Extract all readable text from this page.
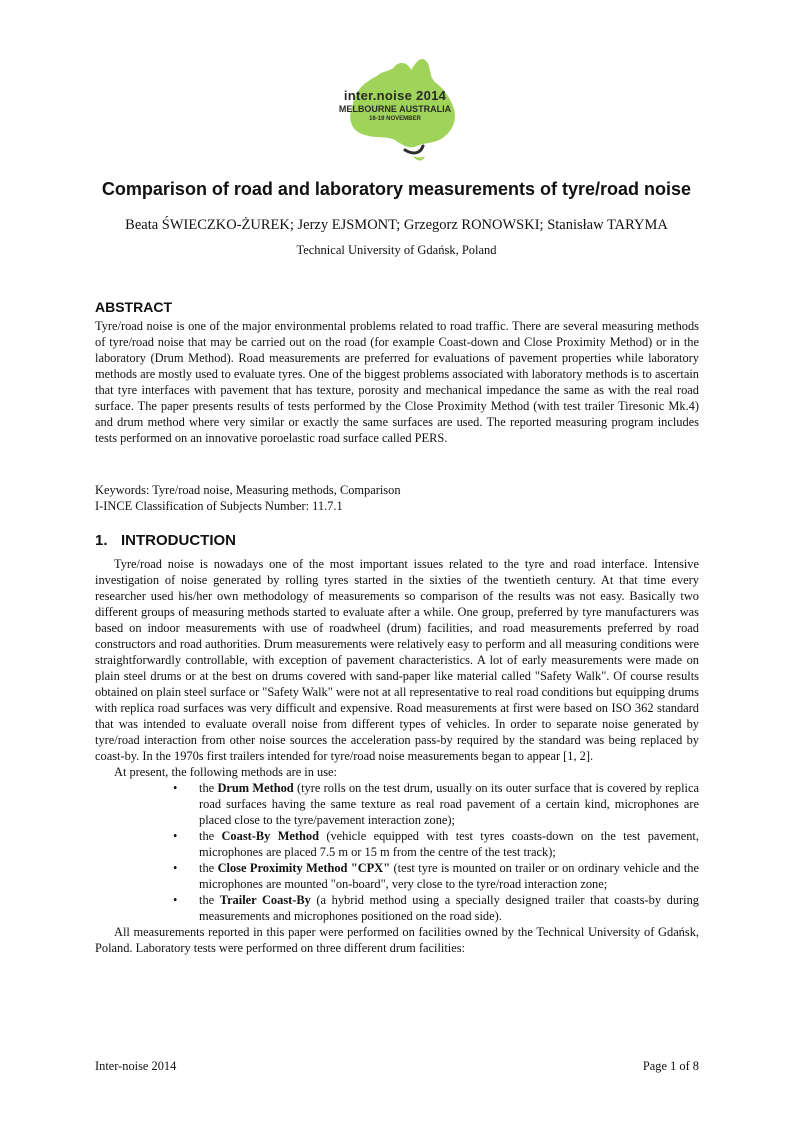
inter.noise 2014
MELBOURNE AUSTRALIA
16-19 NOVEMBER
Comparison of road and laboratory measurements of tyre/road noise
Beata ŚWIECZKO-ŻUREK; Jerzy EJSMONT; Grzegorz RONOWSKI; Stanisław TARYMA
Technical University of Gdańsk, Poland
ABSTRACT

Tyre/road noise is one of the major environmental problems related to road traffic. There are several measuring methods of tyre/road noise that may be carried out on the road (for example Coast-down and Close Proximity Method) or in the laboratory (Drum Method). Road measurements are preferred for evaluations of pavement properties while laboratory methods are mostly used to evaluate tyres. One of the biggest problems associated with laboratory methods is to ascertain that tyre interfaces with pavement that has texture, porosity and mechanical impedance the same as with the real road surface. The paper presents results of tests performed by the Close Proximity Method (with test trailer Tiresonic Mk.4) and drum method where very similar or exactly the same surfaces are used. The reported measuring program includes tests performed on an innovative poroelastic road surface called PERS.

Keywords: Tyre/road noise, Measuring methods, Comparison
I-INCE Classification of Subjects Number: 11.7.1
1. INTRODUCTION

Tyre/road noise is nowadays one of the most important issues related to the tyre and road interface. Intensive investigation of noise generated by rolling tyres started in the sixties of the twentieth century. At that time every researcher used his/her own methodology of measurements so comparison of the results was not easy. Basically two different groups of measuring methods started to evaluate after a while. One group, preferred by tyre manufacturers was based on indoor measurements with use of roadwheel (drum) facilities, and road measurements preferred by road constructors and road authorities. Drum measurements were relatively easy to perform and all measuring conditions were straightforwardly controllable, with exception of pavement characteristics. A lot of early measurements were made on plain steel drums or at the best on drums covered with sand-paper like material called "Safety Walk". Of course results obtained on plain steel surface or "Safety Walk" were not at all representative to real road conditions but equipping drums with replica road surfaces was very difficult and expensive. Road measurements at first were based on ISO 362 standard that was intended to evaluate overall noise from different types of vehicles. In order to separate noise generated by tyre/road interaction from other noise sources the acceleration pass-by required by the standard was being replaced by coast-by. In the 1970s first trailers intended for tyre/road noise measurements began to appear [1, 2].

At present, the following methods are in use:

• the Drum Method (tyre rolls on the test drum, usually on its outer surface that is covered by replica road surfaces having the same texture as real road pavement of a certain kind, microphones are placed close to the tyre/pavement interaction zone);
• the Coast-By Method (vehicle equipped with test tyres coasts-down on the test pavement, microphones are placed 7.5 m or 15 m from the centre of the test track);
• the Close Proximity Method "CPX" (test tyre is mounted on trailer or on ordinary vehicle and the microphones are mounted "on-board", very close to the tyre/road interaction zone;
• the Trailer Coast-By (a hybrid method using a specially designed trailer that coasts-by during measurements and microphones positioned on the road side).

All measurements reported in this paper were performed on facilities owned by the Technical University of Gdańsk, Poland. Laboratory tests were performed on three different drum facilities:

Inter-noise 2014	Page 1 of 8
